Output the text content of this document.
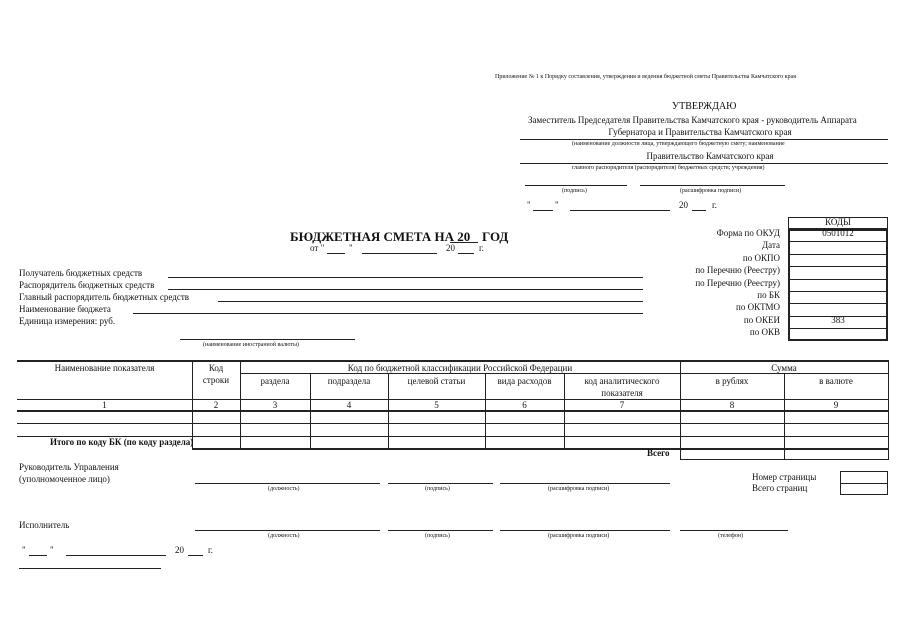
Приложение № 1 к Порядку составления, утверждения и ведения бюджетной сметы Правительства Камчатского края
УТВЕРЖДАЮ
Заместитель Председателя Правительства Камчатского края - руководитель Аппарата
Губернатора и Правительства Камчатского края
(наименование должности лица, утверждающего бюджетную смету; наименование
Правительство Камчатского края
главного распорядителя (распорядителя) бюджетных средств; учреждения)
(подпись)	(расшифровка подписи)
"	"	20	г.
БЮДЖЕТНАЯ СМЕТА НА 20 ГОД
от "	"	20	г.
КОДЫ
Форма по ОКУД	0501012
Дата
по ОКПО
по Перечню (Реестру)
по Перечню (Реестру)
по БК
по ОКТМО
по ОКЕИ	383
по ОКВ
Получатель бюджетных средств
Распорядитель бюджетных средств
Главный распорядитель бюджетных средств
Наименование бюджета
Единица измерения: руб.
(наименование иностранной валюты)
Наименование показателя	Код
строки
Код по бюджетной классификации Российской Федерации	Сумма
раздела	подраздела	целевой статьи	вида расходов	код аналитического
показателя
в рублях	в валюте
1	2	3	4	5	6	7	8	9
Итого по коду БК (по коду раздела)
Всего
Руководитель Управления
(уполномоченное лицо)
(должность)	(подпись)	(расшифровка подписи)
Номер страницы
Всего страниц
Исполнитель
(должность)	(подпись)	(расшифровка подписи)	(телефон)
"	"	20	г.
